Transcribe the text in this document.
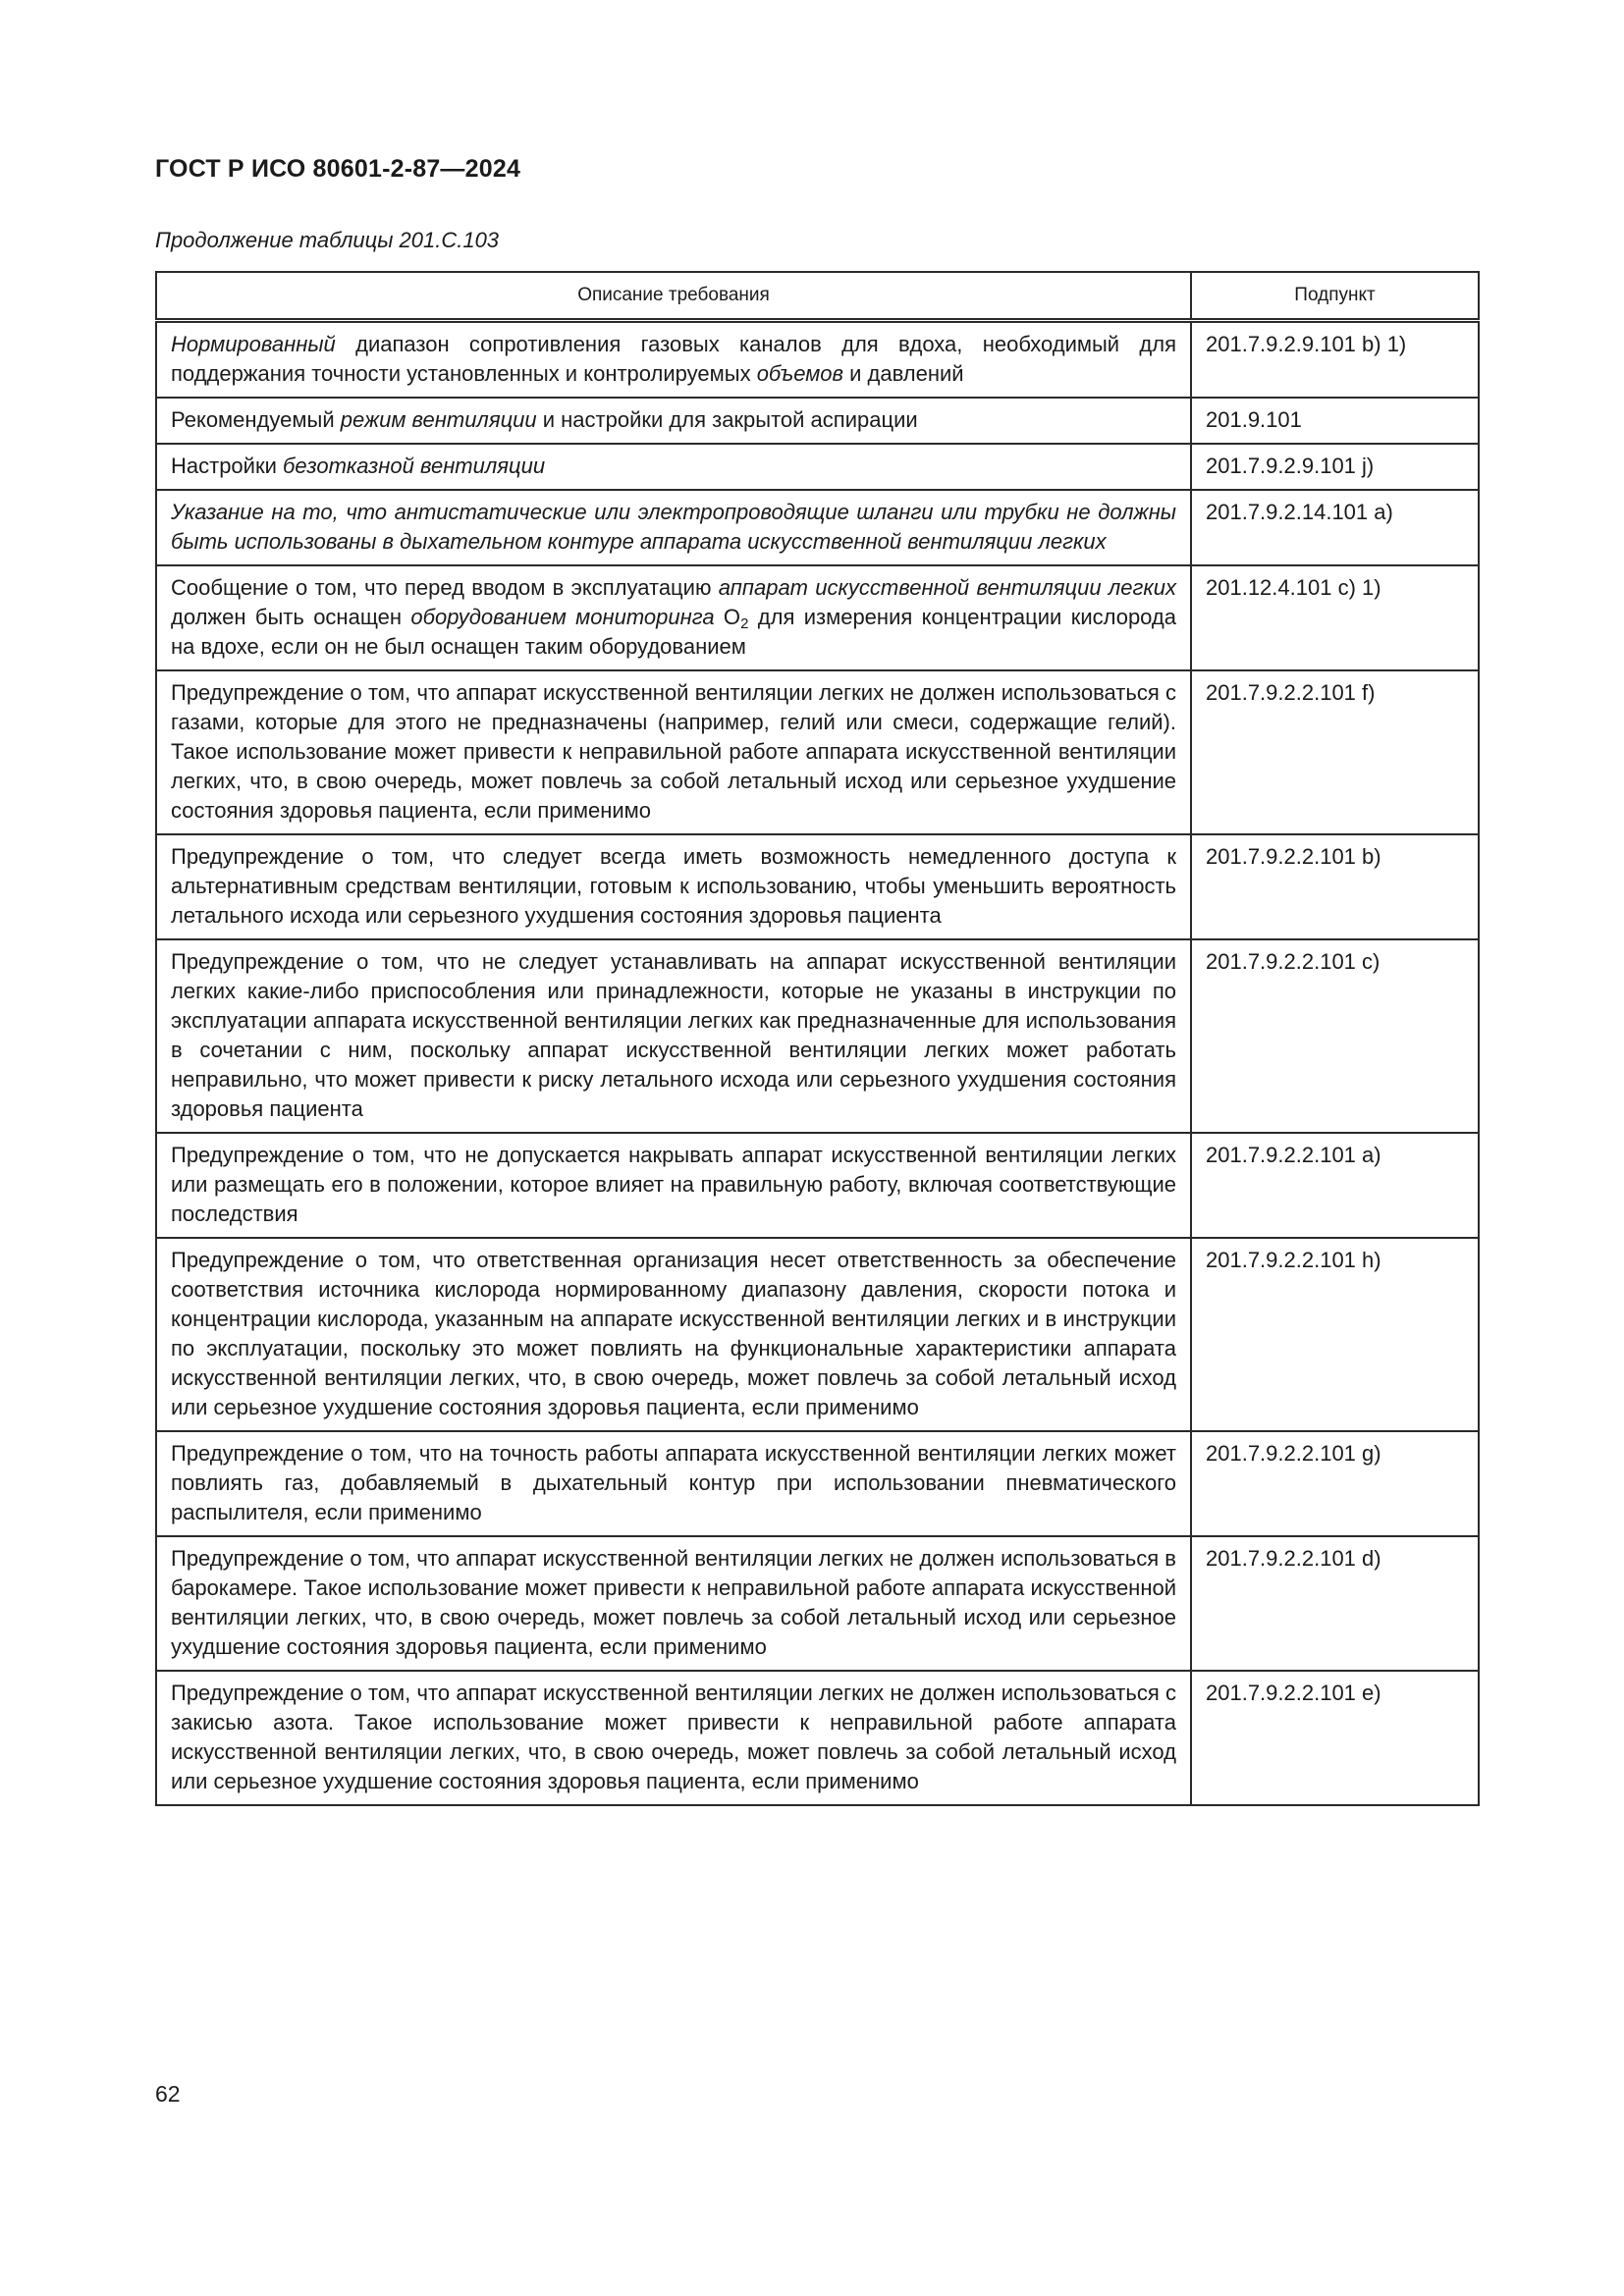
ГОСТ Р ИСО 80601-2-87—2024
Продолжение таблицы 201.С.103
Описание требования	Подпункт
Нормированный диапазон сопротивления газовых каналов для вдоха, необходимый для поддержания точности установленных и контролируемых объемов и давлений	201.7.9.2.9.101 b) 1)
Рекомендуемый режим вентиляции и настройки для закрытой аспирации	201.9.101
Настройки безотказной вентиляции	201.7.9.2.9.101 j)
Указание на то, что антистатические или электропроводящие шланги или трубки не должны быть использованы в дыхательном контуре аппарата искусственной вентиляции легких	201.7.9.2.14.101 a)
Сообщение о том, что перед вводом в эксплуатацию аппарат искусственной вентиляции легких должен быть оснащен оборудованием мониторинга $O_2$ для измерения концентрации кислорода на вдохе, если он не был оснащен таким оборудованием	201.12.4.101 c) 1)
Предупреждение о том, что аппарат искусственной вентиляции легких не должен использоваться с газами, которые для этого не предназначены (например, гелий или смеси, содержащие гелий). Такое использование может привести к неправильной работе аппарата искусственной вентиляции легких, что, в свою очередь, может повлечь за собой летальный исход или серьезное ухудшение состояния здоровья пациента, если применимо	201.7.9.2.2.101 f)
Предупреждение о том, что следует всегда иметь возможность немедленного доступа к альтернативным средствам вентиляции, готовым к использованию, чтобы уменьшить вероятность летального исхода или серьезного ухудшения состояния здоровья пациента	201.7.9.2.2.101 b)
Предупреждение о том, что не следует устанавливать на аппарат искусственной вентиляции легких какие-либо приспособления или принадлежности, которые не указаны в инструкции по эксплуатации аппарата искусственной вентиляции легких как предназначенные для использования в сочетании с ним, поскольку аппарат искусственной вентиляции легких может работать неправильно, что может привести к риску летального исхода или серьезного ухудшения состояния здоровья пациента	201.7.9.2.2.101 c)
Предупреждение о том, что не допускается накрывать аппарат искусственной вентиляции легких или размещать его в положении, которое влияет на правильную работу, включая соответствующие последствия	201.7.9.2.2.101 a)
Предупреждение о том, что ответственная организация несет ответственность за обеспечение соответствия источника кислорода нормированному диапазону давления, скорости потока и концентрации кислорода, указанным на аппарате искусственной вентиляции легких и в инструкции по эксплуатации, поскольку это может повлиять на функциональные характеристики аппарата искусственной вентиляции легких, что, в свою очередь, может повлечь за собой летальный исход или серьезное ухудшение состояния здоровья пациента, если применимо	201.7.9.2.2.101 h)
Предупреждение о том, что на точность работы аппарата искусственной вентиляции легких может повлиять газ, добавляемый в дыхательный контур при использовании пневматического распылителя, если применимо	201.7.9.2.2.101 g)
Предупреждение о том, что аппарат искусственной вентиляции легких не должен использоваться в барокамере. Такое использование может привести к неправильной работе аппарата искусственной вентиляции легких, что, в свою очередь, может повлечь за собой летальный исход или серьезное ухудшение состояния здоровья пациента, если применимо	201.7.9.2.2.101 d)
Предупреждение о том, что аппарат искусственной вентиляции легких не должен использоваться с закисью азота. Такое использование может привести к неправильной работе аппарата искусственной вентиляции легких, что, в свою очередь, может повлечь за собой летальный исход или серьезное ухудшение состояния здоровья пациента, если применимо	201.7.9.2.2.101 e)
62
